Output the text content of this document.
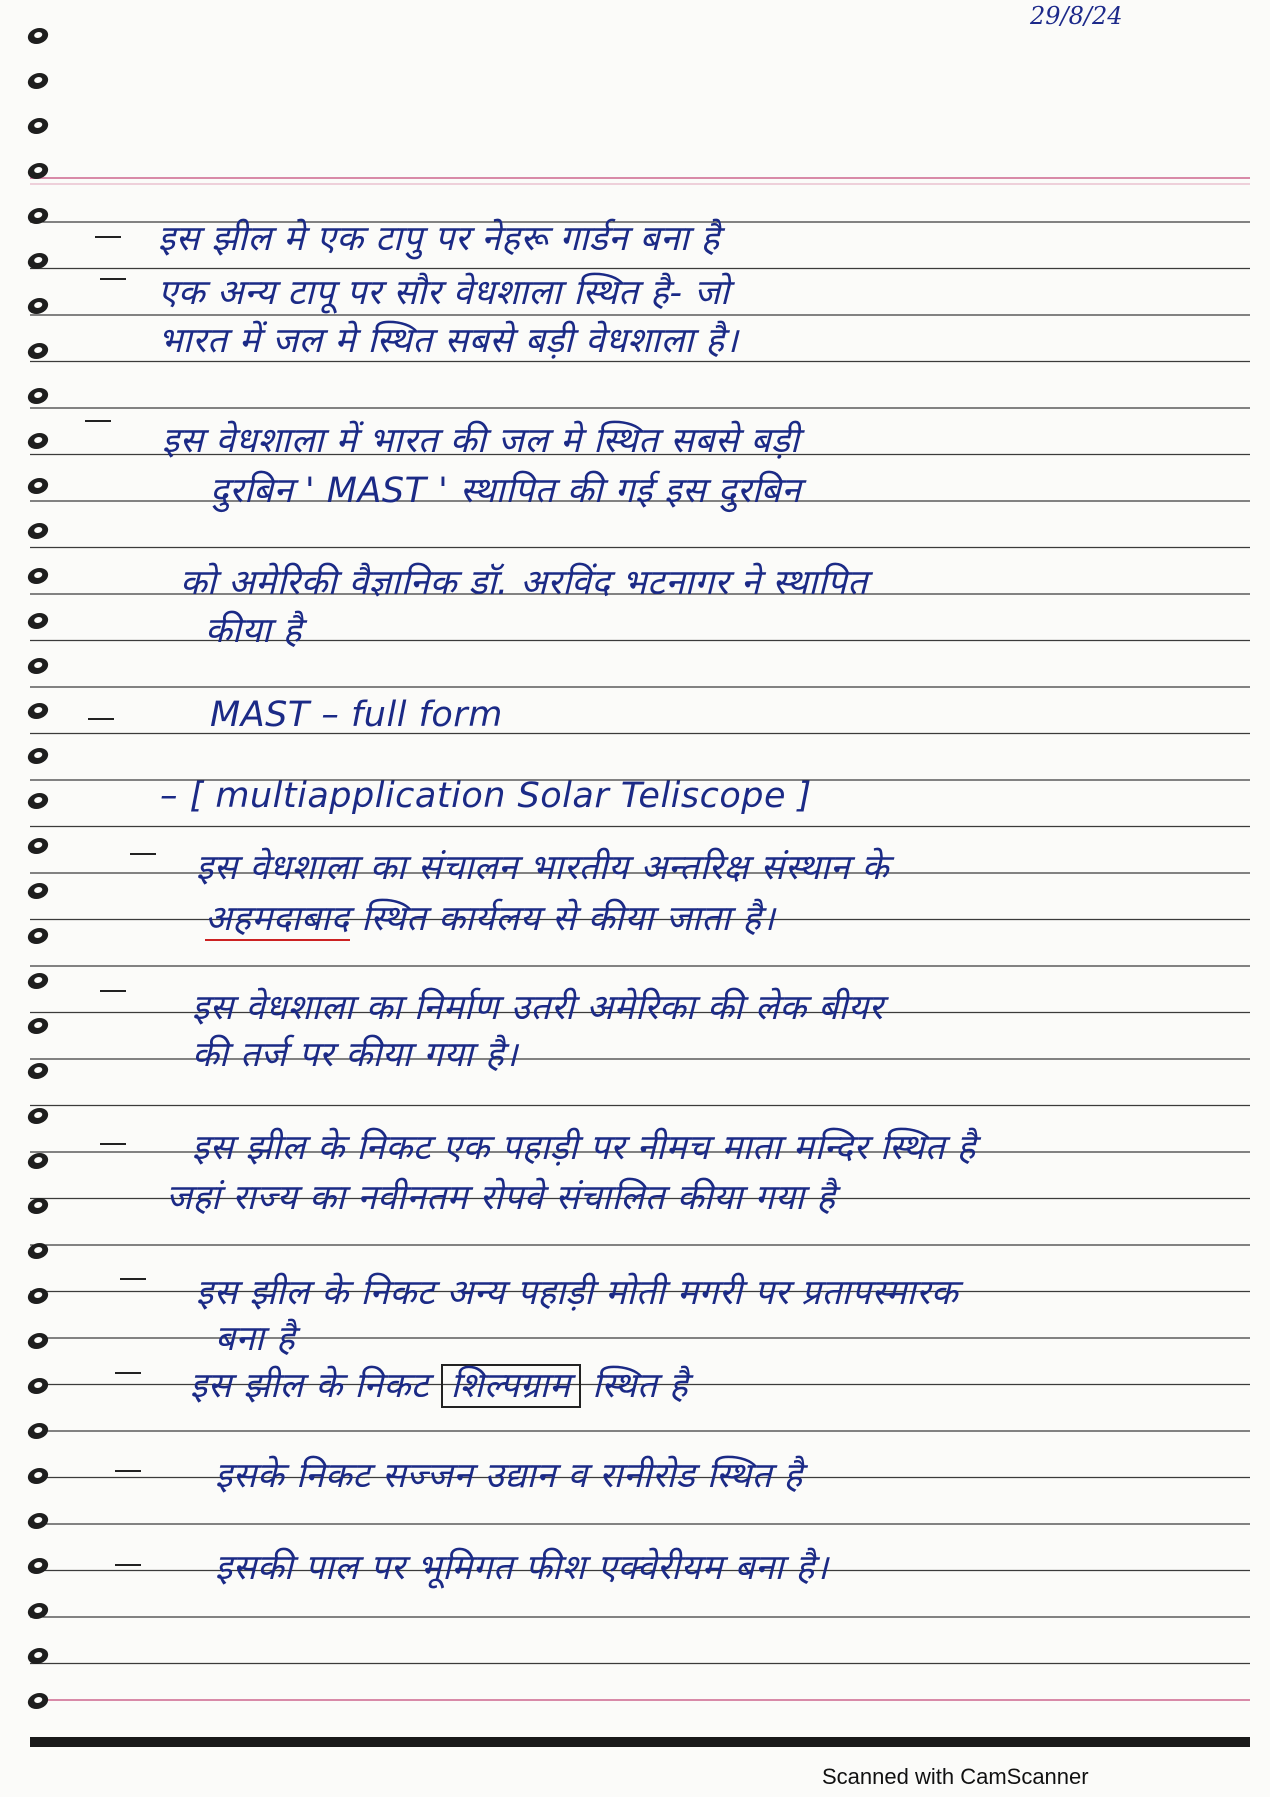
29/8/24
इस झील मे एक टापु पर नेहरू गार्डन बना है
एक अन्य टापू पर सौर वेधशाला स्थित है- जो
भारत में जल मे स्थित सबसे बड़ी वेधशाला है।
इस वेधशाला में भारत की जल मे स्थित सबसे बड़ी
दुरबिन ' MAST ' स्थापित की गई इस दुरबिन
को अमेरिकी वैज्ञानिक डॉ. अरविंद भटनागर ने स्थापित
कीया है
MAST – full form
– [ multiapplication Solar Teliscope ]
इस वेधशाला का संचालन भारतीय अन्तरिक्ष संस्थान के
अहमदाबाद स्थित कार्यलय से कीया जाता है।
इस वेधशाला का निर्माण उतरी अमेरिका की लेक बीयर
की तर्ज पर कीया गया है।
इस झील के निकट एक पहाड़ी पर नीमच माता मन्दिर स्थित है
जहां राज्य का नवीनतम रोपवे संचालित कीया गया है
इस झील के निकट अन्य पहाड़ी मोती मगरी पर प्रतापस्मारक
बना है
इस झील के निकट शिल्पग्राम स्थित है
इसके निकट सज्जन उद्यान व रानीरोड स्थित है
इसकी पाल पर भूमिगत फीश एक्वेरीयम बना है।
Scanned with CamScanner
